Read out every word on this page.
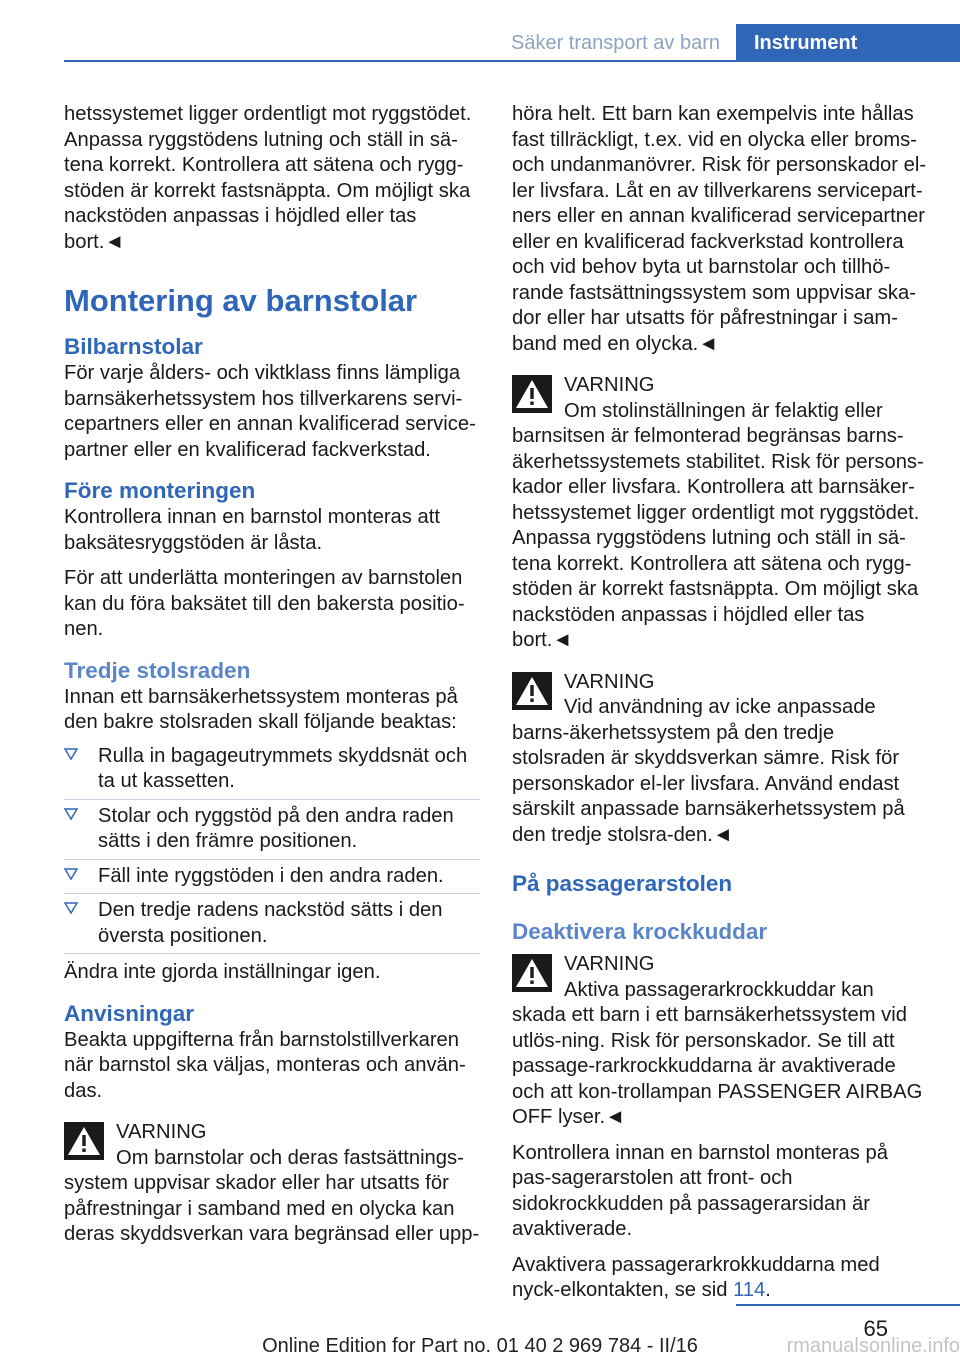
Säker transport av barn	Instrument

hetssystemet ligger ordentligt mot ryggstödet. Anpassa ryggstödens lutning och ställ in sä-tena korrekt. Kontrollera att sätena och rygg-stöden är korrekt fastsnäppta. Om möjligt ska nackstöden anpassas i höjdled eller tas bort.◄

Montering av barnstolar
Bilbarnstolar

För varje ålders- och viktklass finns lämpliga barnsäkerhetssystem hos tillverkarens servi-cepartners eller en annan kvalificerad service-partner eller en kvalificerad fackverkstad.

Före monteringen

Kontrollera innan en barnstol monteras att baksätesryggstöden är låsta.

För att underlätta monteringen av barnstolen kan du föra baksätet till den bakersta positio-nen.

Tredje stolsraden

Innan ett barnsäkerhetssystem monteras på den bakre stolsraden skall följande beaktas:

Rulla in bagageutrymmets skyddsnät och ta ut kassetten.
Stolar och ryggstöd på den andra raden sätts i den främre positionen.
Fäll inte ryggstöden i den andra raden.
Den tredje radens nackstöd sätts i den översta positionen.

Ändra inte gjorda inställningar igen.

Anvisningar

Beakta uppgifterna från barnstolstillverkaren när barnstol ska väljas, monteras och använ-das.

VARNING
Om barnstolar och deras fastsättnings-system uppvisar skador eller har utsatts för påfrestningar i samband med en olycka kan deras skyddsverkan vara begränsad eller upp-

höra helt. Ett barn kan exempelvis inte hållas fast tillräckligt, t.ex. vid en olycka eller broms-och undanmanövrer. Risk för personskador el-ler livsfara. Låt en av tillverkarens servicepart-ners eller en annan kvalificerad servicepartner eller en kvalificerad fackverkstad kontrollera och vid behov byta ut barnstolar och tillhö-rande fastsättningssystem som uppvisar ska-dor eller har utsatts för påfrestningar i sam-band med en olycka.◄

VARNING
Om stolinställningen är felaktig eller barnsitsen är felmonterad begränsas barns-äkerhetssystemets stabilitet. Risk för persons-kador eller livsfara. Kontrollera att barnsäker-hetssystemet ligger ordentligt mot ryggstödet. Anpassa ryggstödens lutning och ställ in sä-tena korrekt. Kontrollera att sätena och rygg-stöden är korrekt fastsnäppta. Om möjligt ska nackstöden anpassas i höjdled eller tas bort.◄
VARNING
Vid användning av icke anpassade barns-äkerhetssystem på den tredje stolsraden är skyddsverkan sämre. Risk för personskador el-ler livsfara. Använd endast särskilt anpassade barnsäkerhetssystem på den tredje stolsra-den.◄
På passagerarstolen
Deaktivera krockkuddar
VARNING
Aktiva passagerarkrockkuddar kan skada ett barn i ett barnsäkerhetssystem vid utlös-ning. Risk för personskador. Se till att passage-rarkrockkuddarna är avaktiverade och att kon-trollampan PASSENGER AIRBAG OFF lyser.◄

Kontrollera innan en barnstol monteras på pas-sagerarstolen att front- och sidokrockkudden på passagerarsidan är avaktiverade.

Avaktivera passagerarkrokkuddarna med nyck-elkontakten, se sid 114.

65
Online Edition for Part no. 01 40 2 969 784 - II/16	rmanualsonline.info
